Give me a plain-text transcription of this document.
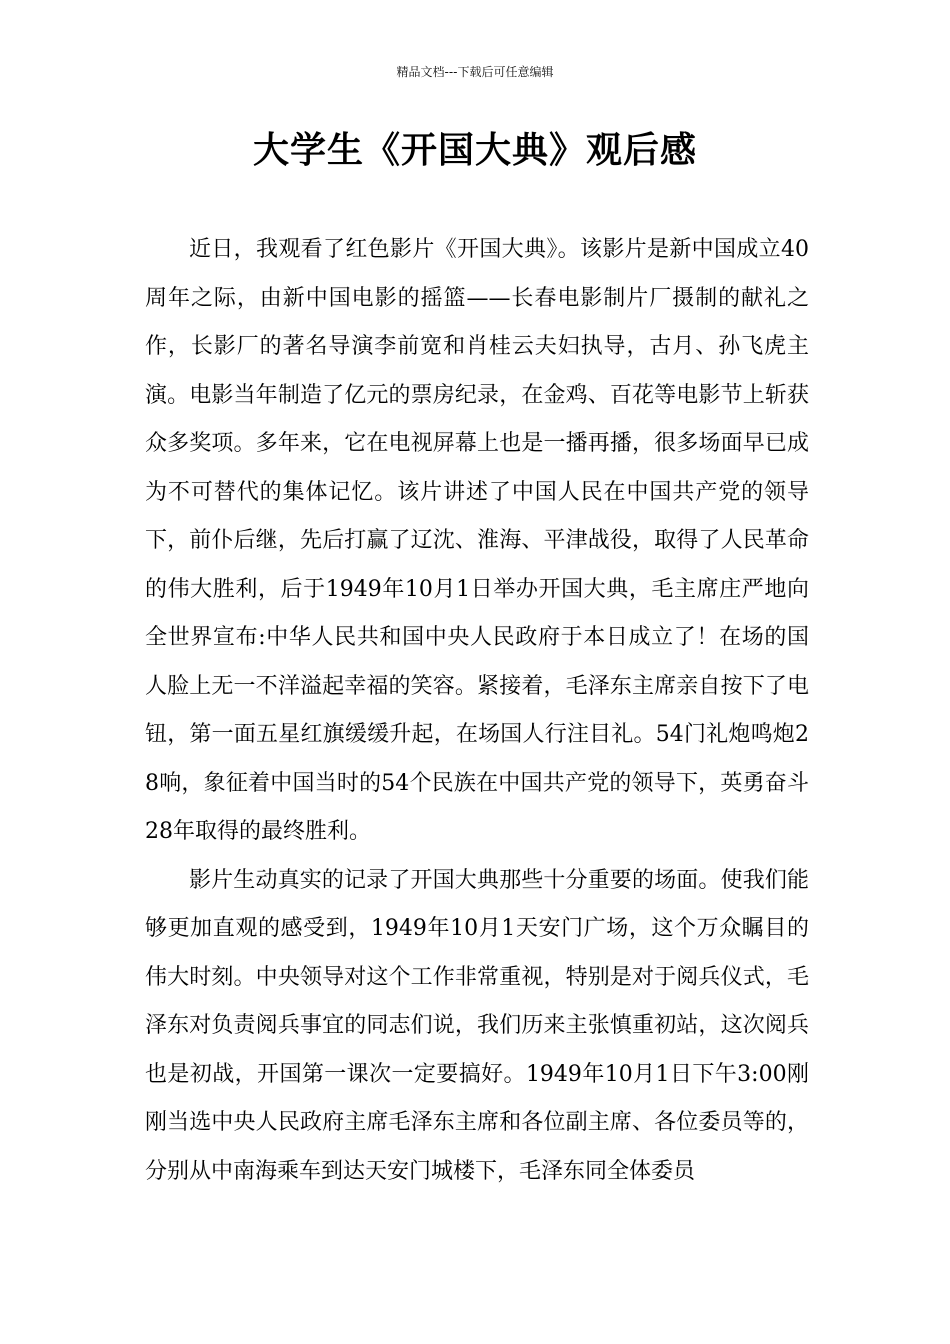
精品文档---下载后可任意编辑
大学生《开国大典》观后感

近日，我观看了红色影片《开国大典》。该影片是新中国成立40周年之际，由新中国电影的摇篮——长春电影制片厂摄制的献礼之作，长影厂的著名导演李前宽和肖桂云夫妇执导，古月、孙飞虎主演。电影当年制造了亿元的票房纪录，在金鸡、百花等电影节上斩获众多奖项。多年来，它在电视屏幕上也是一播再播，很多场面早已成为不可替代的集体记忆。该片讲述了中国人民在中国共产党的领导下，前仆后继，先后打赢了辽沈、淮海、平津战役，取得了人民革命的伟大胜利，后于1949年10月1日举办开国大典，毛主席庄严地向全世界宣布:中华人民共和国中央人民政府于本日成立了！在场的国人脸上无一不洋溢起幸福的笑容。紧接着，毛泽东主席亲自按下了电钮，第一面五星红旗缓缓升起，在场国人行注目礼。54门礼炮鸣炮28响，象征着中国当时的54个民族在中国共产党的领导下，英勇奋斗28年取得的最终胜利。

影片生动真实的记录了开国大典那些十分重要的场面。使我们能够更加直观的感受到，1949年10月1天安门广场，这个万众瞩目的伟大时刻。中央领导对这个工作非常重视，特别是对于阅兵仪式，毛泽东对负责阅兵事宜的同志们说，我们历来主张慎重初站，这次阅兵也是初战，开国第一课次一定要搞好。1949年10月1日下午3:00刚刚当选中央人民政府主席毛泽东主席和各位副主席、各位委员等的，分别从中南海乘车到达天安门城楼下，毛泽东同全体委员
